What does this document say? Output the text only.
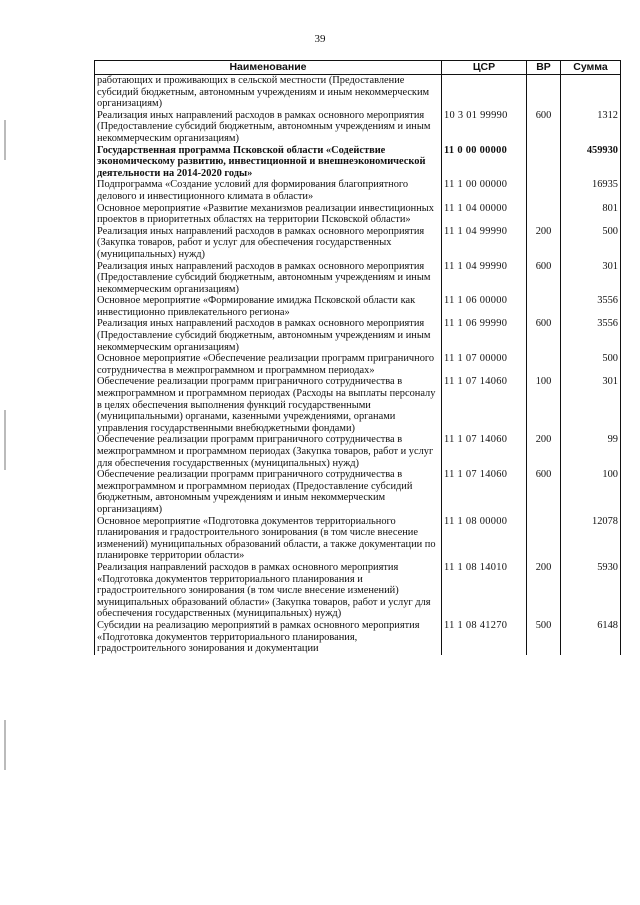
39
Наименование	ЦСР	ВР	Сумма
работающих и проживающих в сельской местности (Предоставление субсидий бюджетным, автономным учреждениям и иным некоммерческим организациям)			
Реализация иных направлений расходов в рамках основного мероприятия (Предоставление субсидий бюджетным, автономным учреждениям и иным некоммерческим организациям)	10 3 01 99990	600	1312
Государственная программа Псковской области «Содействие экономическому развитию, инвестиционной и внешнеэкономической деятельности на 2014-2020 годы»	11 0 00 00000		459930
Подпрограмма «Создание условий для формирования благоприятного делового и инвестиционного климата в области»	11 1 00 00000		16935
Основное мероприятие «Развитие механизмов реализации инвестиционных проектов в приоритетных областях на территории Псковской области»	11 1 04 00000		801
Реализация иных направлений расходов в рамках основного мероприятия (Закупка товаров, работ и услуг для обеспечения государственных (муниципальных) нужд)	11 1 04 99990	200	500
Реализация иных направлений расходов в рамках основного мероприятия (Предоставление субсидий бюджетным, автономным учреждениям и иным некоммерческим организациям)	11 1 04 99990	600	301
Основное мероприятие «Формирование имиджа Псковской области как инвестиционно привлекательного региона»	11 1 06 00000		3556
Реализация иных направлений расходов в рамках основного мероприятия (Предоставление субсидий бюджетным, автономным учреждениям и иным некоммерческим организациям)	11 1 06 99990	600	3556
Основное мероприятие «Обеспечение реализации программ приграничного сотрудничества в межпрограммном и программном периодах»	11 1 07 00000		500
Обеспечение реализации программ приграничного сотрудничества в межпрограммном и программном периодах (Расходы на выплаты персоналу в целях обеспечения выполнения функций государственными (муниципальными) органами, казенными учреждениями, органами управления государственными внебюджетными фондами)	11 1 07 14060	100	301
Обеспечение реализации программ приграничного сотрудничества в межпрограммном и программном периодах (Закупка товаров, работ и услуг для обеспечения государственных (муниципальных) нужд)	11 1 07 14060	200	99
Обеспечение реализации программ приграничного сотрудничества в межпрограммном и программном периодах (Предоставление субсидий бюджетным, автономным учреждениям и иным некоммерческим организациям)	11 1 07 14060	600	100
Основное мероприятие «Подготовка документов территориального планирования и градостроительного зонирования (в том числе внесение изменений) муниципальных образований области, а также документации по планировке территории области»	11 1 08 00000		12078
Реализация направлений расходов в рамках основного мероприятия «Подготовка документов территориального планирования и градостроительного зонирования (в том числе внесение изменений) муниципальных образований области» (Закупка товаров, работ и услуг для обеспечения государственных (муниципальных) нужд)	11 1 08 14010	200	5930
Субсидии на реализацию мероприятий в рамках основного мероприятия «Подготовка документов территориального планирования, градостроительного зонирования и документации	11 1 08 41270	500	6148
